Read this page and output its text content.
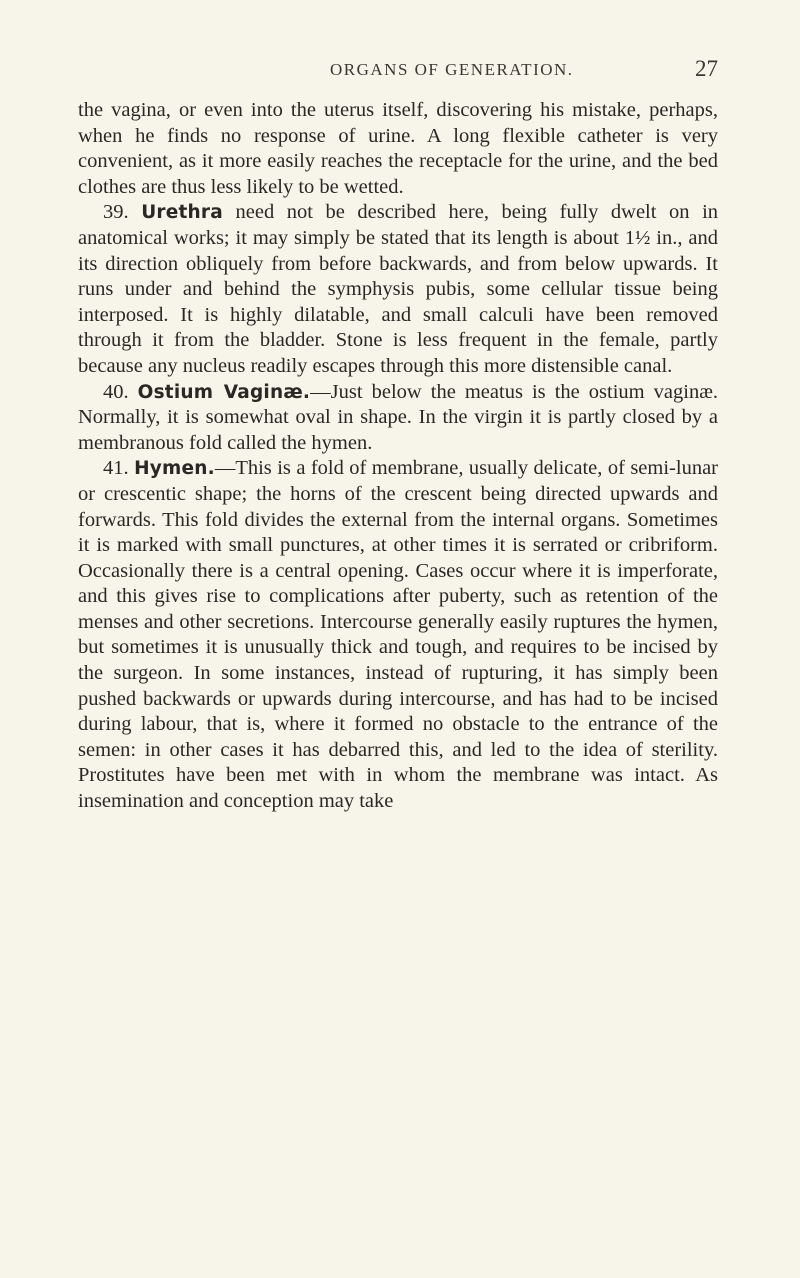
ORGANS OF GENERATION.	27

the vagina, or even into the uterus itself, discovering his mistake, perhaps, when he finds no response of urine. A long flexible catheter is very convenient, as it more easily reaches the receptacle for the urine, and the bed clothes are thus less likely to be wetted.

39. Urethra need not be described here, being fully dwelt on in anatomical works; it may simply be stated that its length is about 1½ in., and its direction obliquely from before backwards, and from below upwards. It runs under and behind the symphysis pubis, some cellular tissue being interposed. It is highly dilatable, and small calculi have been removed through it from the bladder. Stone is less frequent in the female, partly because any nucleus readily escapes through this more distensible canal.

40. Ostium Vaginæ.—Just below the meatus is the ostium vaginæ. Normally, it is somewhat oval in shape. In the virgin it is partly closed by a membranous fold called the hymen.

41. Hymen.—This is a fold of membrane, usually delicate, of semi-lunar or crescentic shape; the horns of the crescent being directed upwards and forwards. This fold divides the external from the internal organs. Sometimes it is marked with small punctures, at other times it is serrated or cribriform. Occasionally there is a central opening. Cases occur where it is imperforate, and this gives rise to complications after puberty, such as retention of the menses and other secretions. Intercourse generally easily ruptures the hymen, but sometimes it is unusually thick and tough, and requires to be incised by the surgeon. In some instances, instead of rupturing, it has simply been pushed backwards or upwards during intercourse, and has had to be incised during labour, that is, where it formed no obstacle to the entrance of the semen: in other cases it has debarred this, and led to the idea of sterility. Prostitutes have been met with in whom the membrane was intact. As insemination and conception may take
